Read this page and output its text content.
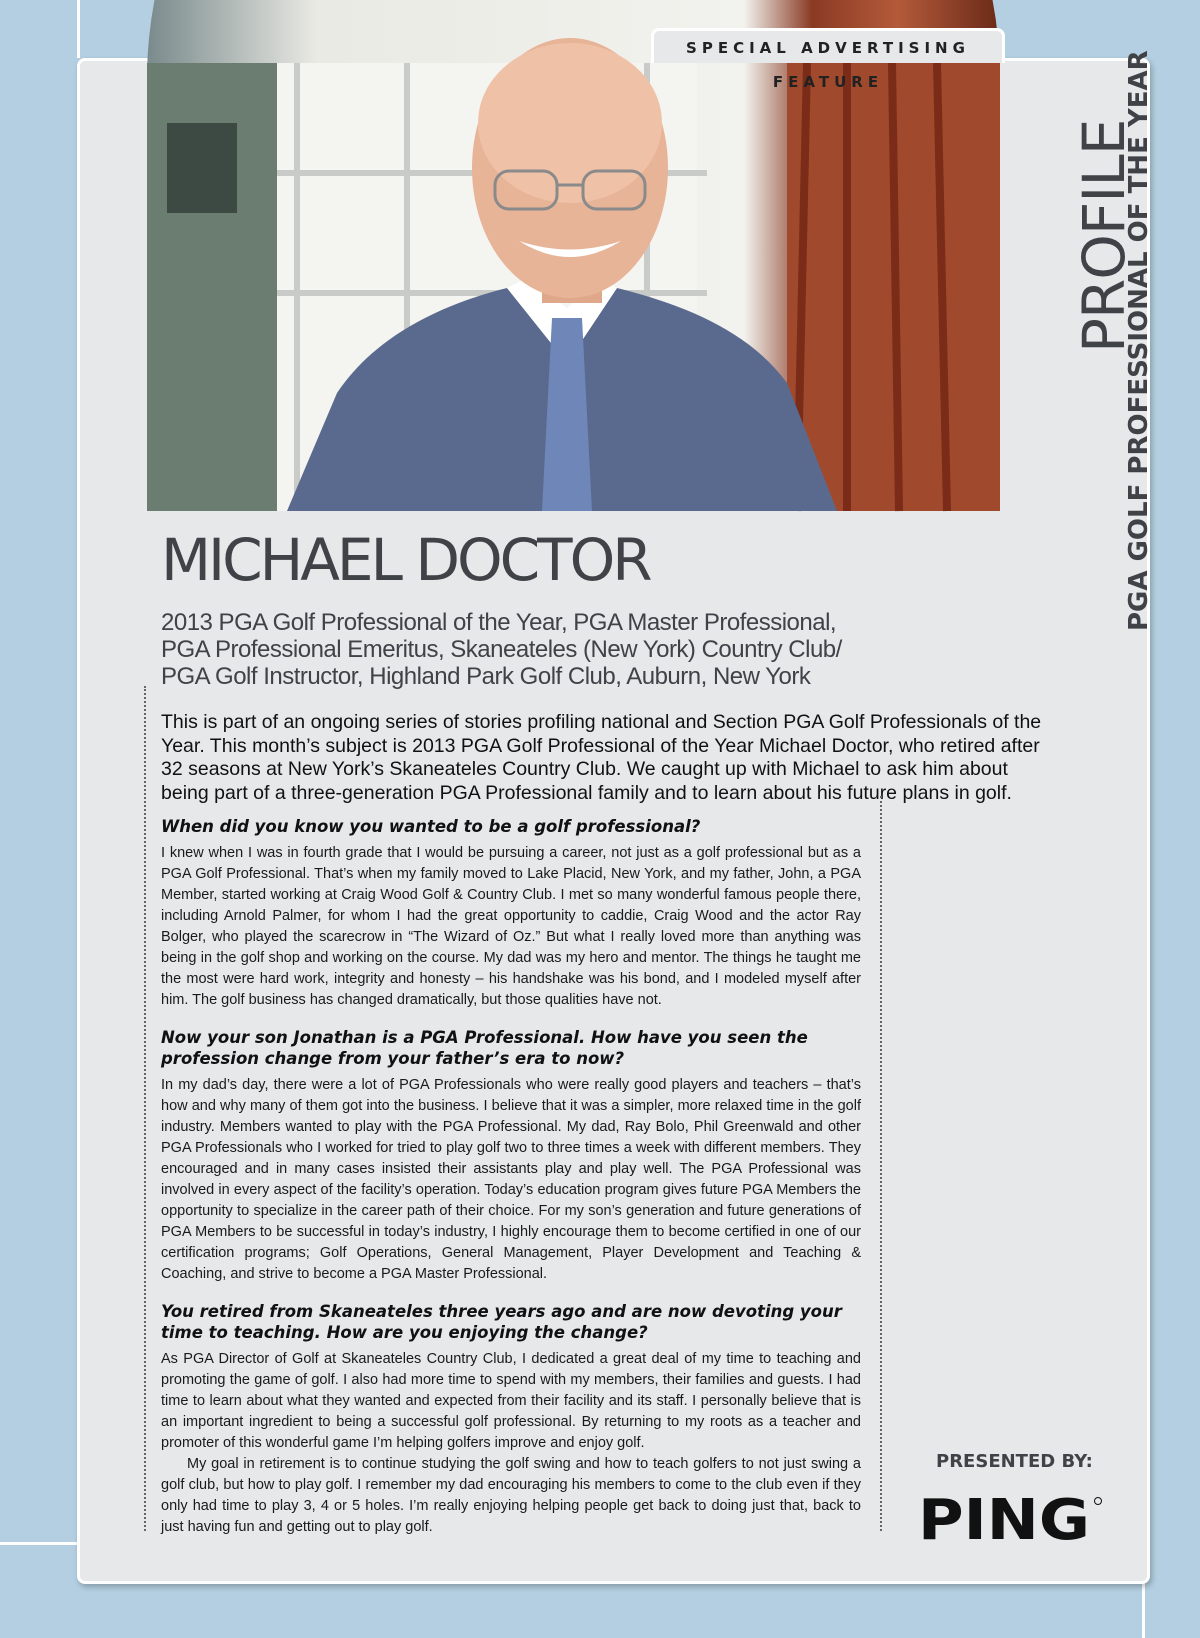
SPECIAL ADVERTISING FEATURE	PGA GOLF PROFESSIONAL OF THE YEAR
PROFILE
MICHAEL DOCTOR
2013 PGA Golf Professional of the Year, PGA Master Professional,
PGA Professional Emeritus, Skaneateles (New York) Country Club/
PGA Golf Instructor, Highland Park Golf Club, Auburn, New York
This is part of an ongoing series of stories profiling national and Section PGA Golf Professionals of the Year. This month’s subject is 2013 PGA Golf Professional of the Year Michael Doctor, who retired after 32 seasons at New York’s Skaneateles Country Club. We caught up with Michael to ask him about being part of a three-generation PGA Professional family and to learn about his future plans in golf.

When did you know you wanted to be a golf professional?

I knew when I was in fourth grade that I would be pursuing a career, not just as a golf professional but as a PGA Golf Professional. That’s when my family moved to Lake Placid, New York, and my father, John, a PGA Member, started working at Craig Wood Golf & Country Club. I met so many wonderful famous people there, including Arnold Palmer, for whom I had the great opportunity to caddie, Craig Wood and the actor Ray Bolger, who played the scarecrow in “The Wizard of Oz.” But what I really loved more than anything was being in the golf shop and working on the course. My dad was my hero and mentor. The things he taught me the most were hard work, integrity and honesty – his handshake was his bond, and I modeled myself after him. The golf business has changed dramatically, but those qualities have not.

Now your son Jonathan is a PGA Professional. How have you seen the profession change from your father’s era to now?

In my dad’s day, there were a lot of PGA Professionals who were really good players and teachers – that’s how and why many of them got into the business. I believe that it was a simpler, more relaxed time in the golf industry. Members wanted to play with the PGA Professional. My dad, Ray Bolo, Phil Greenwald and other PGA Professionals who I worked for tried to play golf two to three times a week with different members. They encouraged and in many cases insisted their assistants play and play well. The PGA Professional was involved in every aspect of the facility’s operation. Today’s education program gives future PGA Members the opportunity to specialize in the career path of their choice. For my son’s generation and future generations of PGA Members to be successful in today’s industry, I highly encourage them to become certified in one of our certification programs; Golf Operations, General Management, Player Development and Teaching & Coaching, and strive to become a PGA Master Professional.

You retired from Skaneateles three years ago and are now devoting your time to teaching. How are you enjoying the change?

As PGA Director of Golf at Skaneateles Country Club, I dedicated a great deal of my time to teaching and promoting the game of golf. I also had more time to spend with my members, their families and guests. I had time to learn about what they wanted and expected from their facility and its staff. I personally believe that is an important ingredient to being a successful golf professional. By returning to my roots as a teacher and promoter of this wonderful game I’m helping golfers improve and enjoy golf.

My goal in retirement is to continue studying the golf swing and how to teach golfers to not just swing a golf club, but how to play golf. I remember my dad encouraging his members to come to the club even if they only had time to play 3, 4 or 5 holes. I’m really enjoying helping people get back to doing just that, back to just having fun and getting out to play golf.

PRESENTED BY:
PING
